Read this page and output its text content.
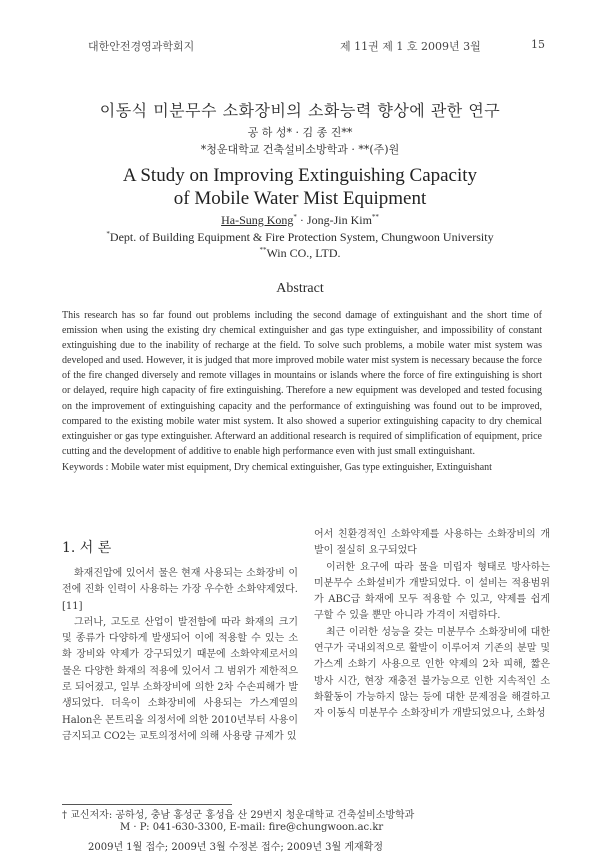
대한안전경영과학회지	제 11권 제 1 호 2009년 3월	15
이동식 미분무수 소화장비의 소화능력 향상에 관한 연구
공 하 성* · 김 종 진**
*청운대학교 건축설비소방학과 · **(주)원
A Study on Improving Extinguishing Capacity
of Mobile Water Mist Equipment
Ha-Sung Kong* · Jong-Jin Kim**
*Dept. of Building Equipment & Fire Protection System, Chungwoon University
**Win CO., LTD.
Abstract

This research has so far found out problems including the second damage of extinguishant and the short time of emission when using the existing dry chemical extinguisher and gas type extinguisher, and impossibility of constant extinguishing due to the inability of recharge at the field. To solve such problems, a mobile water mist system was developed and used. However, it is judged that more improved mobile water mist system is necessary because the force of the fire changed diversely and remote villages in mountains or islands where the force of fire extinguishing is short or delayed, require high capacity of fire extinguishing. Therefore a new equipment was developed and tested focusing on the improvement of extinguishing capacity and the performance of extinguishing was found out to be improved, compared to the existing mobile water mist system. It also showed a superior extinguishing capacity to dry chemical extinguisher or gas type extinguisher. Afterward an additional research is required of simplification of equipment, price cutting and the development of additive to enable high performance even with just small extinguishant.

Keywords : Mobile water mist equipment, Dry chemical extinguisher, Gas type extinguisher, Extinguishant

1. 서 론

화재진압에 있어서 물은 현재 사용되는 소화장비 이전에 진화 인력이 사용하는 가장 우수한 소화약제였다. [11]

그러나, 고도로 산업이 발전함에 따라 화재의 크기 및 종류가 다양하게 발생되어 이에 적용할 수 있는 소화 장비와 약제가 강구되었기 때문에 소화약제로서의 물은 다양한 화재의 적용에 있어서 그 범위가 제한적으로 되어졌고, 일부 소화장비에 의한 2차 수손피해가 발생되었다. 더욱이 소화장비에 사용되는 가스계열의 Halon은 몬트리올 의정서에 의한 2010년부터 사용이 금지되고 CO2는 교토의정서에 의해 사용량 규제가 있

어서 친환경적인 소화약제를 사용하는 소화장비의 개발이 절실히 요구되었다

이러한 요구에 따라 물을 미립자 형태로 방사하는 미분무수 소화설비가 개발되었다. 이 설비는 적용범위가 ABC급 화재에 모두 적용할 수 있고, 약제를 쉽게 구할 수 있을 뿐만 아니라 가격이 저렴하다.

최근 이러한 성능을 갖는 미분무수 소화장비에 대한 연구가 국내외적으로 활발이 이루어져 기존의 분말 및 가스계 소화기 사용으로 인한 약제의 2차 피해, 짧은 방사 시간, 현장 재충전 불가능으로 인한 지속적인 소화활동이 가능하지 않는 등에 대한 문제점을 해결하고자 이동식 미분무수 소화장비가 개발되었으나, 소화성

† 교신저자: 공하성, 충남 홍성군 홍성읍 산 29번지 청운대학교 건축설비소방학과
M · P: 041-630-3300, E-mail: fire@chungwoon.ac.kr
2009년 1월 접수; 2009년 3월 수정본 접수; 2009년 3월 게재확정
